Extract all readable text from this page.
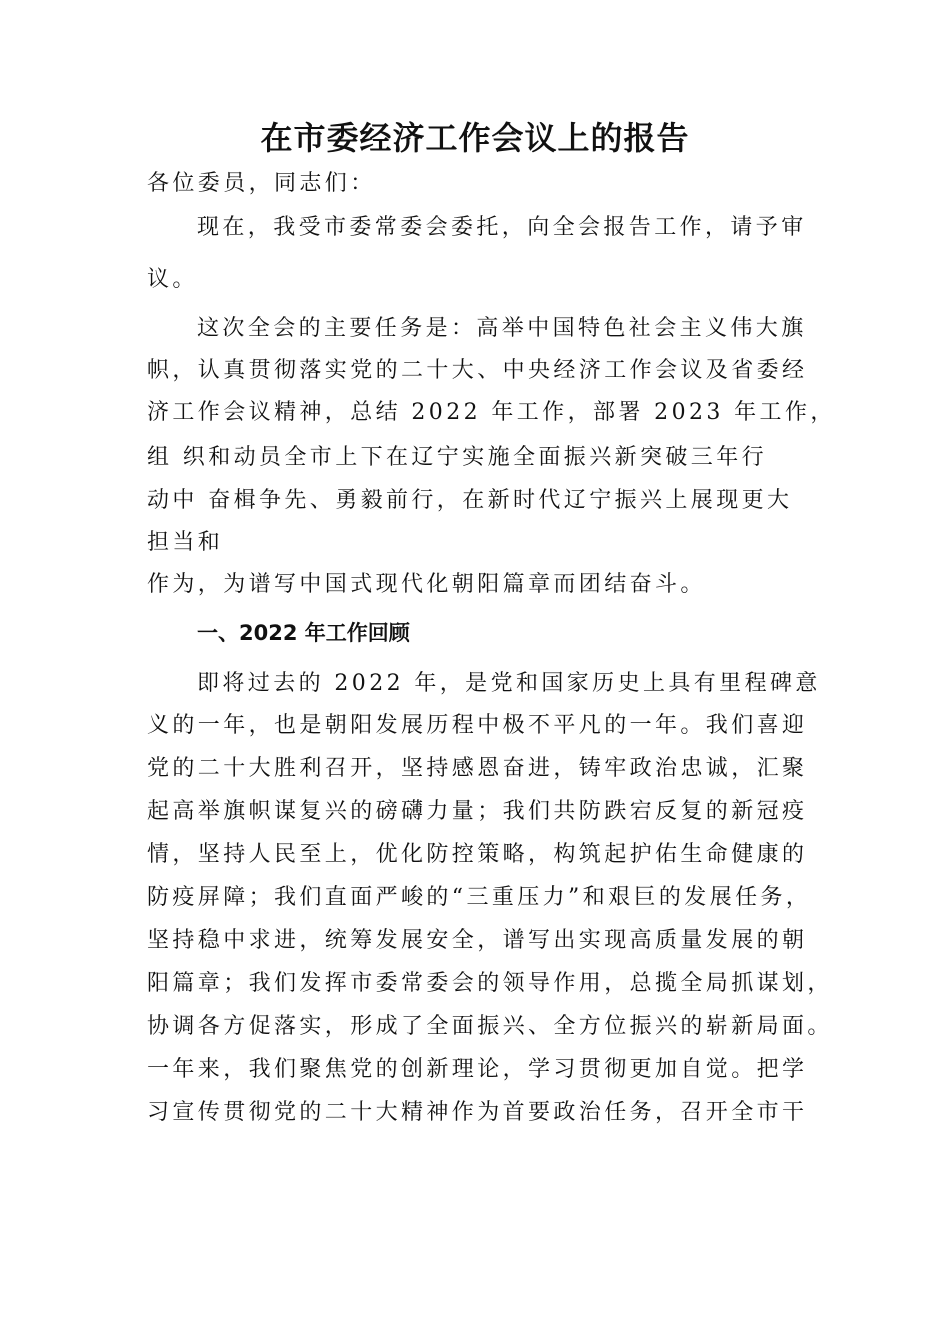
在市委经济工作会议上的报告
各位委员，同志们：
现在，我受市委常委会委托，向全会报告工作，请予审
议。
这次全会的主要任务是：高举中国特色社会主义伟大旗
帜，认真贯彻落实党的二十大、中央经济工作会议及省委经
济工作会议精神，总结 2022 年工作，部署 2023 年工作，
组 织和动员全市上下在辽宁实施全面振兴新突破三年行
动中 奋楫争先、勇毅前行，在新时代辽宁振兴上展现更大
担当和
作为，为谱写中国式现代化朝阳篇章而团结奋斗。
一、2022 年工作回顾
即将过去的 2022 年，是党和国家历史上具有里程碑意
义的一年，也是朝阳发展历程中极不平凡的一年。我们喜迎
党的二十大胜利召开，坚持感恩奋进，铸牢政治忠诚，汇聚
起高举旗帜谋复兴的磅礴力量；我们共防跌宕反复的新冠疫
情，坚持人民至上，优化防控策略，构筑起护佑生命健康的
防疫屏障；我们直面严峻的“三重压力”和艰巨的发展任务，
坚持稳中求进，统筹发展安全，谱写出实现高质量发展的朝
阳篇章；我们发挥市委常委会的领导作用，总揽全局抓谋划，
协调各方促落实，形成了全面振兴、全方位振兴的崭新局面。
一年来，我们聚焦党的创新理论，学习贯彻更加自觉。把学
习宣传贯彻党的二十大精神作为首要政治任务，召开全市干
